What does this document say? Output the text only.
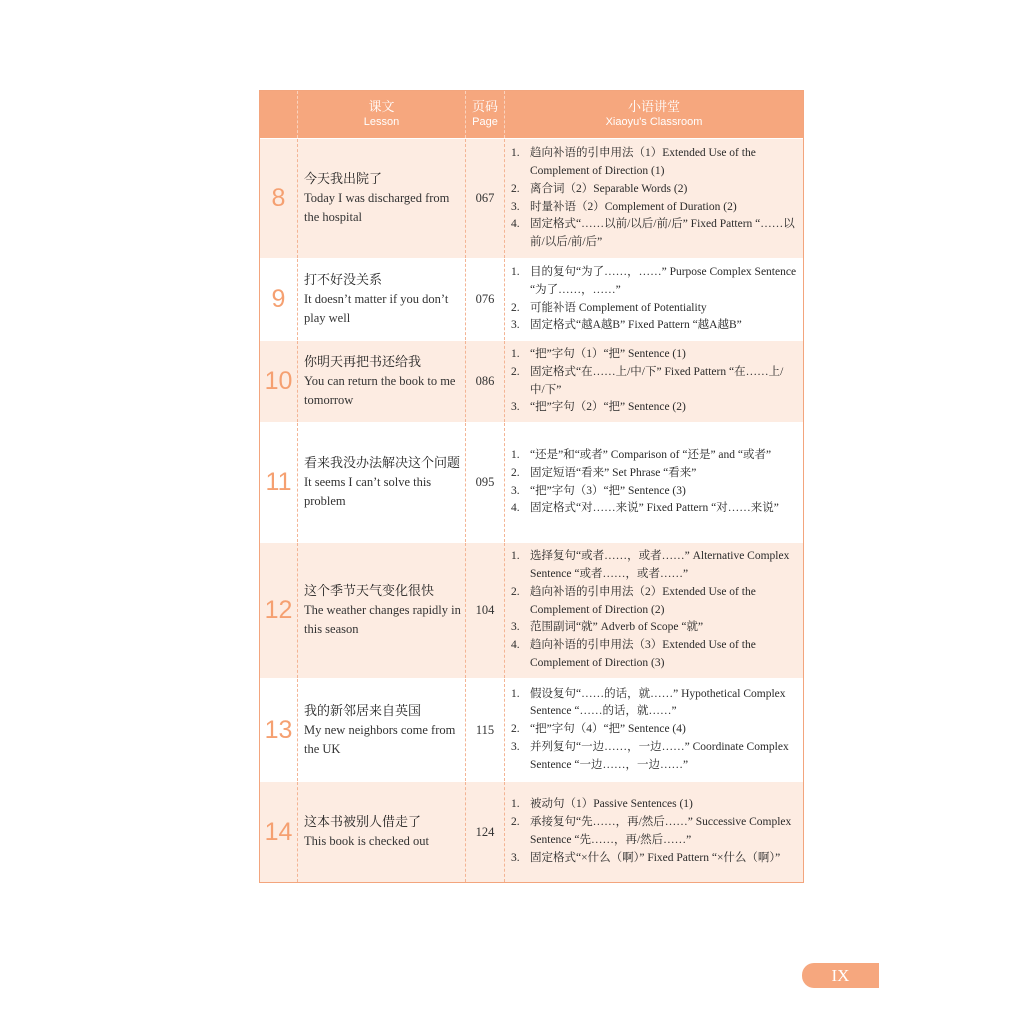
课文
Lesson
页码
Page
小语讲堂
Xiaoyu's Classroom
8
今天我出院了
Today I was discharged from the hospital
067
1. 趋向补语的引申用法（1）Extended Use of the Complement of Direction (1)
2. 离合词（2）Separable Words (2)
3. 时量补语（2）Complement of Duration (2)
4. 固定格式“……以前/以后/前/后” Fixed Pattern “……以前/以后/前/后”
9
打不好没关系
It doesn’t matter if you don’t play well
076
1. 目的复句“为了……，……” Purpose Complex Sentence “为了……，……”
2. 可能补语 Complement of Potentiality
3. 固定格式“越A越B” Fixed Pattern “越A越B”
10
你明天再把书还给我
You can return the book to me tomorrow
086
1. “把”字句（1）“把” Sentence (1)
2. 固定格式“在……上/中/下” Fixed Pattern “在……上/中/下”
3. “把”字句（2）“把” Sentence (2)
11
看来我没办法解决这个问题
It seems I can’t solve this problem
095
1. “还是”和“或者” Comparison of “还是” and “或者”
2. 固定短语“看来” Set Phrase “看来”
3. “把”字句（3）“把” Sentence (3)
4. 固定格式“对……来说” Fixed Pattern “对……来说”
12
这个季节天气变化很快
The weather changes rapidly in this season
104
1. 选择复句“或者……，或者……” Alternative Complex Sentence “或者……，或者……”
2. 趋向补语的引申用法（2）Extended Use of the Complement of Direction (2)
3. 范围副词“就” Adverb of Scope “就”
4. 趋向补语的引申用法（3）Extended Use of the Complement of Direction (3)
13
我的新邻居来自英国
My new neighbors come from the UK
115
1. 假设复句“……的话，就……” Hypothetical Complex Sentence “……的话，就……”
2. “把”字句（4）“把” Sentence (4)
3. 并列复句“一边……，一边……” Coordinate Complex Sentence “一边……，一边……”
14 这本书被别人借走了
This book is checked out
124
1. 被动句（1）Passive Sentences (1)
2. 承接复句“先……，再/然后……” Successive Complex Sentence “先……，再/然后……”
3. 固定格式“×什么（啊）” Fixed Pattern “×什么（啊）”
IX
